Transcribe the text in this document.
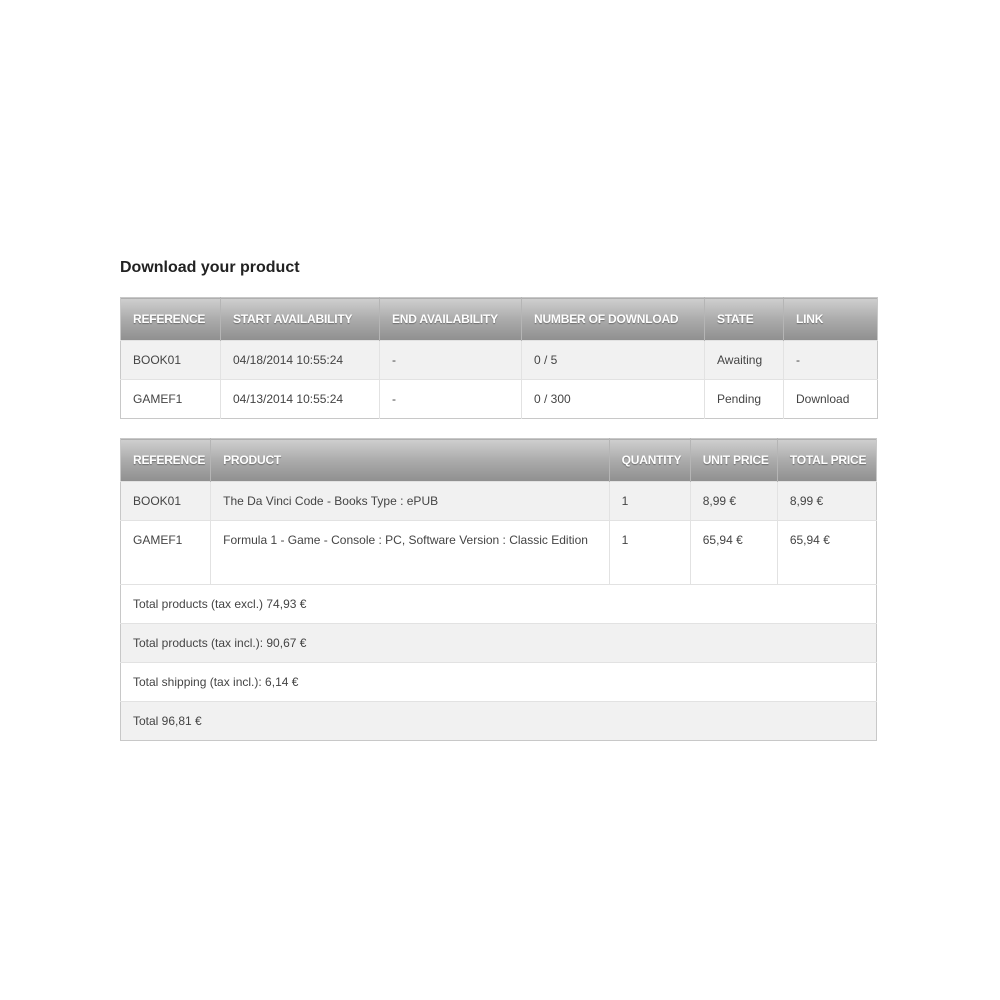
Download your product
REFERENCE	START AVAILABILITY	END AVAILABILITY	NUMBER OF DOWNLOAD	STATE	LINK
BOOK01	04/18/2014 10:55:24	-	0 / 5	Awaiting	-
GAMEF1	04/13/2014 10:55:24	-	0 / 300	Pending	Download
REFERENCE	PRODUCT	QUANTITY	UNIT PRICE	TOTAL PRICE
BOOK01	The Da Vinci Code - Books Type : ePUB	1	8,99 €	8,99 €
GAMEF1	Formula 1 - Game - Console : PC, Software Version : Classic Edition	1	65,94 €	65,94 €
Total products (tax excl.) 74,93 €				
Total products (tax incl.): 90,67 €				
Total shipping (tax incl.): 6,14 €				
Total 96,81 €				
